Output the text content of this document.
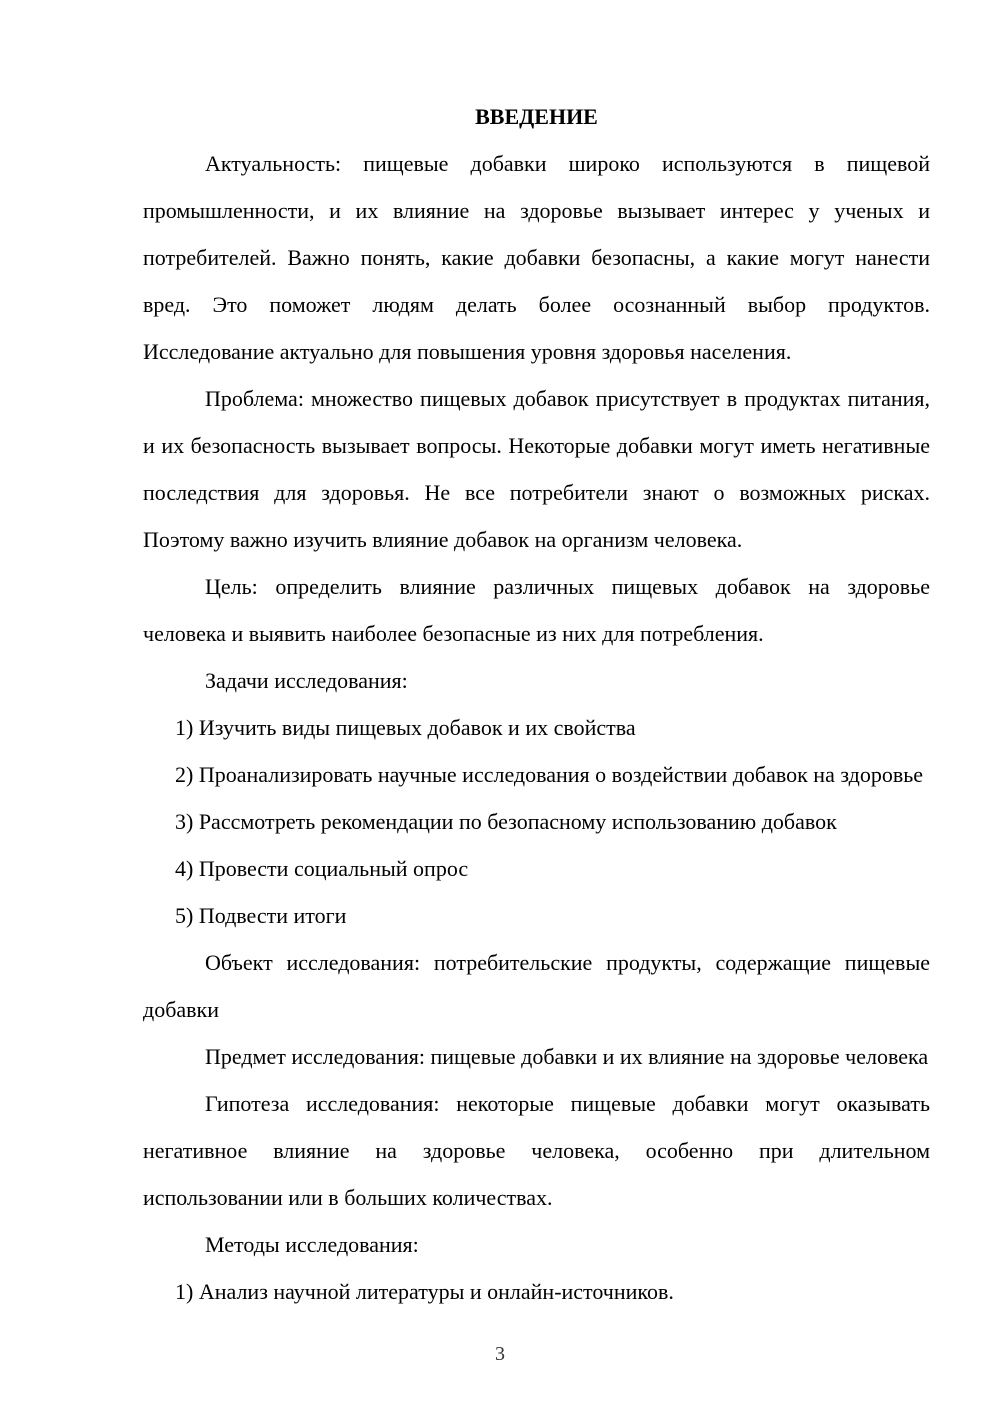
ВВЕДЕНИЕ

Актуальность: пищевые добавки широко используются в пищевой промышленности, и их влияние на здоровье вызывает интерес у ученых и потребителей. Важно понять, какие добавки безопасны, а какие могут нанести вред. Это поможет людям делать более осознанный выбор продуктов. Исследование актуально для повышения уровня здоровья населения.

Проблема: множество пищевых добавок присутствует в продуктах питания, и их безопасность вызывает вопросы. Некоторые добавки могут иметь негативные последствия для здоровья. Не все потребители знают о возможных рисках. Поэтому важно изучить влияние добавок на организм человека.

Цель: определить влияние различных пищевых добавок на здоровье человека и выявить наиболее безопасные из них для потребления.

Задачи исследования:

1) Изучить виды пищевых добавок и их свойства

2) Проанализировать научные исследования о воздействии добавок на здоровье

3) Рассмотреть рекомендации по безопасному использованию добавок

4) Провести социальный опрос

5) Подвести итоги

Объект исследования: потребительские продукты, содержащие пищевые добавки

Предмет исследования: пищевые добавки и их влияние на здоровье человека

Гипотеза исследования: некоторые пищевые добавки могут оказывать негативное влияние на здоровье человека, особенно при длительном использовании или в больших количествах.

Методы исследования:

1) Анализ научной литературы и онлайн-источников.

3
